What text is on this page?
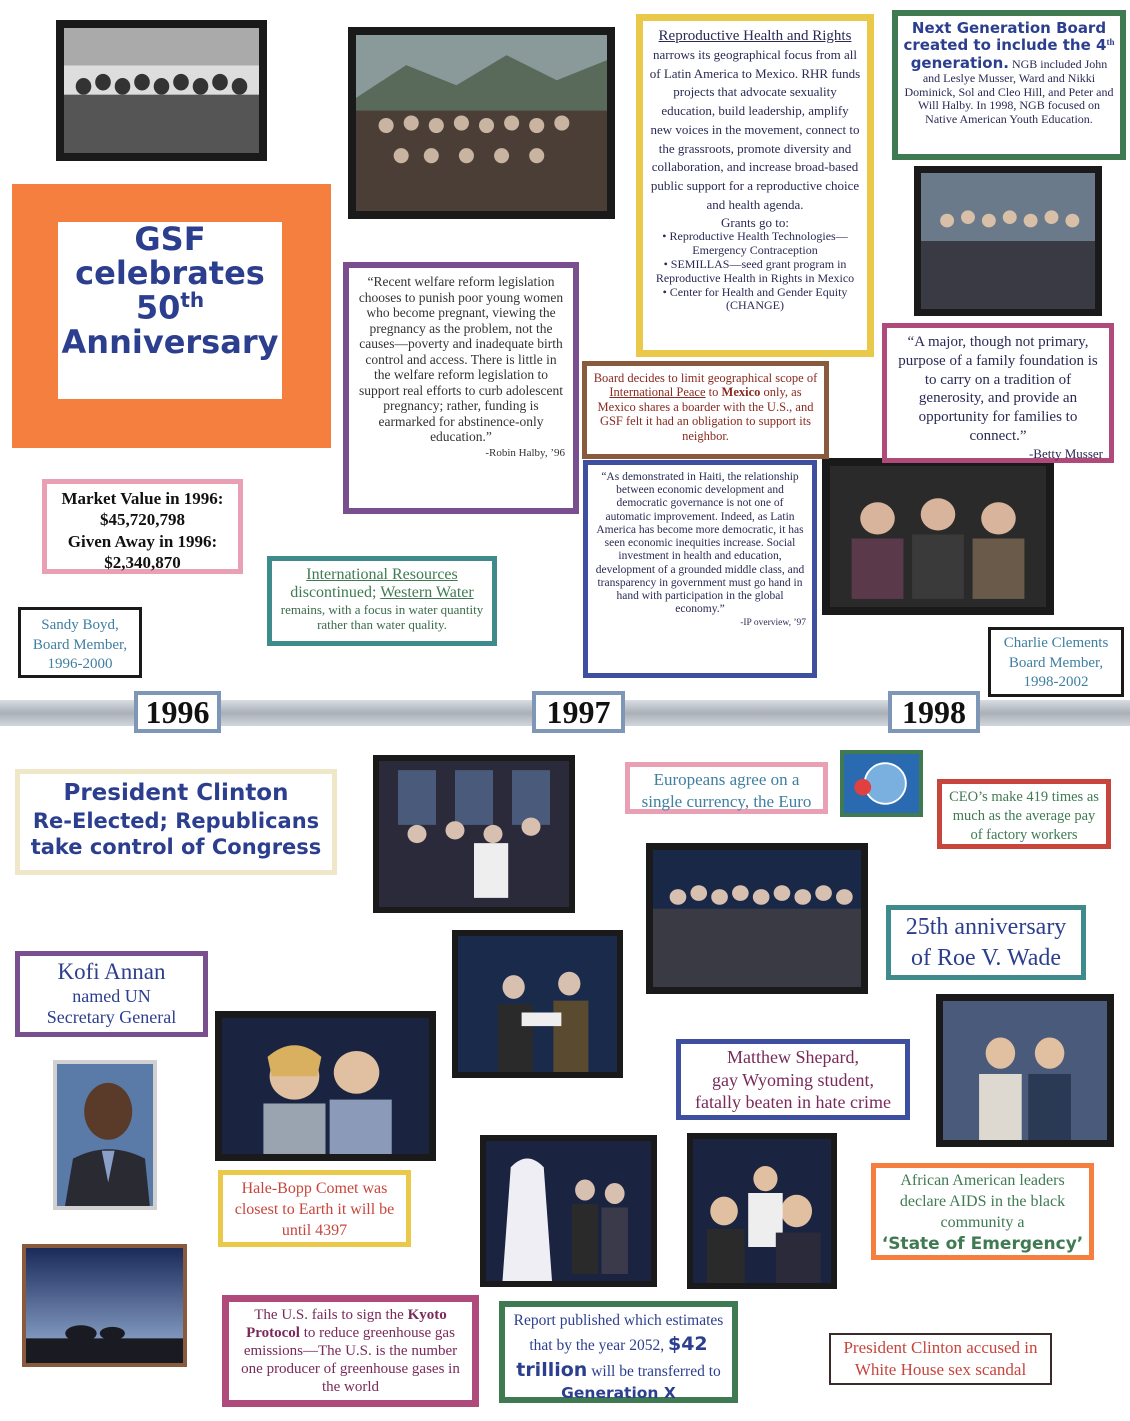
GSF
celebrates
50th
Anniversary
Market Value in 1996:
$45,720,798
Given Away in 1996:
$2,340,870
Sandy Boyd,
Board Member,
1996-2000
“Recent welfare reform legislation chooses to punish poor young women who become pregnant, viewing the pregnancy as the problem, not the causes—poverty and inadequate birth control and access. There is little in the welfare reform legislation to support real efforts to curb adolescent pregnancy; rather, funding is earmarked for abstinence-only education.”
-Robin Halby, ’96
International Resources
discontinued; Western Water
remains, with a focus in water quantity rather than water quality.
Reproductive Health and Rights narrows its geographical focus from all of Latin America to Mexico. RHR funds projects that advocate sexuality education, build leadership, amplify new voices in the movement, connect to the grassroots, promote diversity and collaboration, and increase broad-based public support for a reproductive choice and health agenda.
Grants go to:
• Reproductive Health Technologies—Emergency Contraception
• SEMILLAS—seed grant program in Reproductive Health in Rights in Mexico
• Center for Health and Gender Equity (CHANGE)
Board decides to limit geographical scope of International Peace to Mexico only, as Mexico shares a boarder with the U.S., and GSF felt it had an obligation to support its neighbor.
“As demonstrated in Haiti, the relationship between economic development and democratic governance is not one of automatic improvement. Indeed, as Latin America has become more democratic, it has seen economic inequities increase. Social investment in health and education, development of a grounded middle class, and transparency in government must go hand in hand with participation in the global economy.”
-IP overview, ’97
Next Generation Board created to include the 4th generation. NGB included John and Leslye Musser, Ward and Nikki Dominick, Sol and Cleo Hill, and Peter and Will Halby. In 1998, NGB focused on Native American Youth Education.
“A major, though not primary, purpose of a family foundation is to carry on a tradition of generosity, and provide an opportunity for families to connect.”
-Betty Musser
Charlie Clements
Board Member,
1998-2002
1996	1997	1998
President Clinton
Re-Elected; Republicans
take control of Congress
Kofi Annan
named UN
Secretary General
Hale-Bopp Comet was closest to Earth it will be until 4397
The U.S. fails to sign the Kyoto Protocol to reduce greenhouse gas emissions—The U.S. is the number one producer of greenhouse gases in the world
Europeans agree on a single currency, the Euro	CEO’s make 419 times as much as the average pay of factory workers
25th anniversary
of Roe V. Wade
Matthew Shepard,
gay Wyoming student,
fatally beaten in hate crime
Report published which estimates that by the year 2052, $42 trillion will be transferred to Generation X
African American leaders declare AIDS in the black community a
‘State of Emergency’
President Clinton accused in White House sex scandal
